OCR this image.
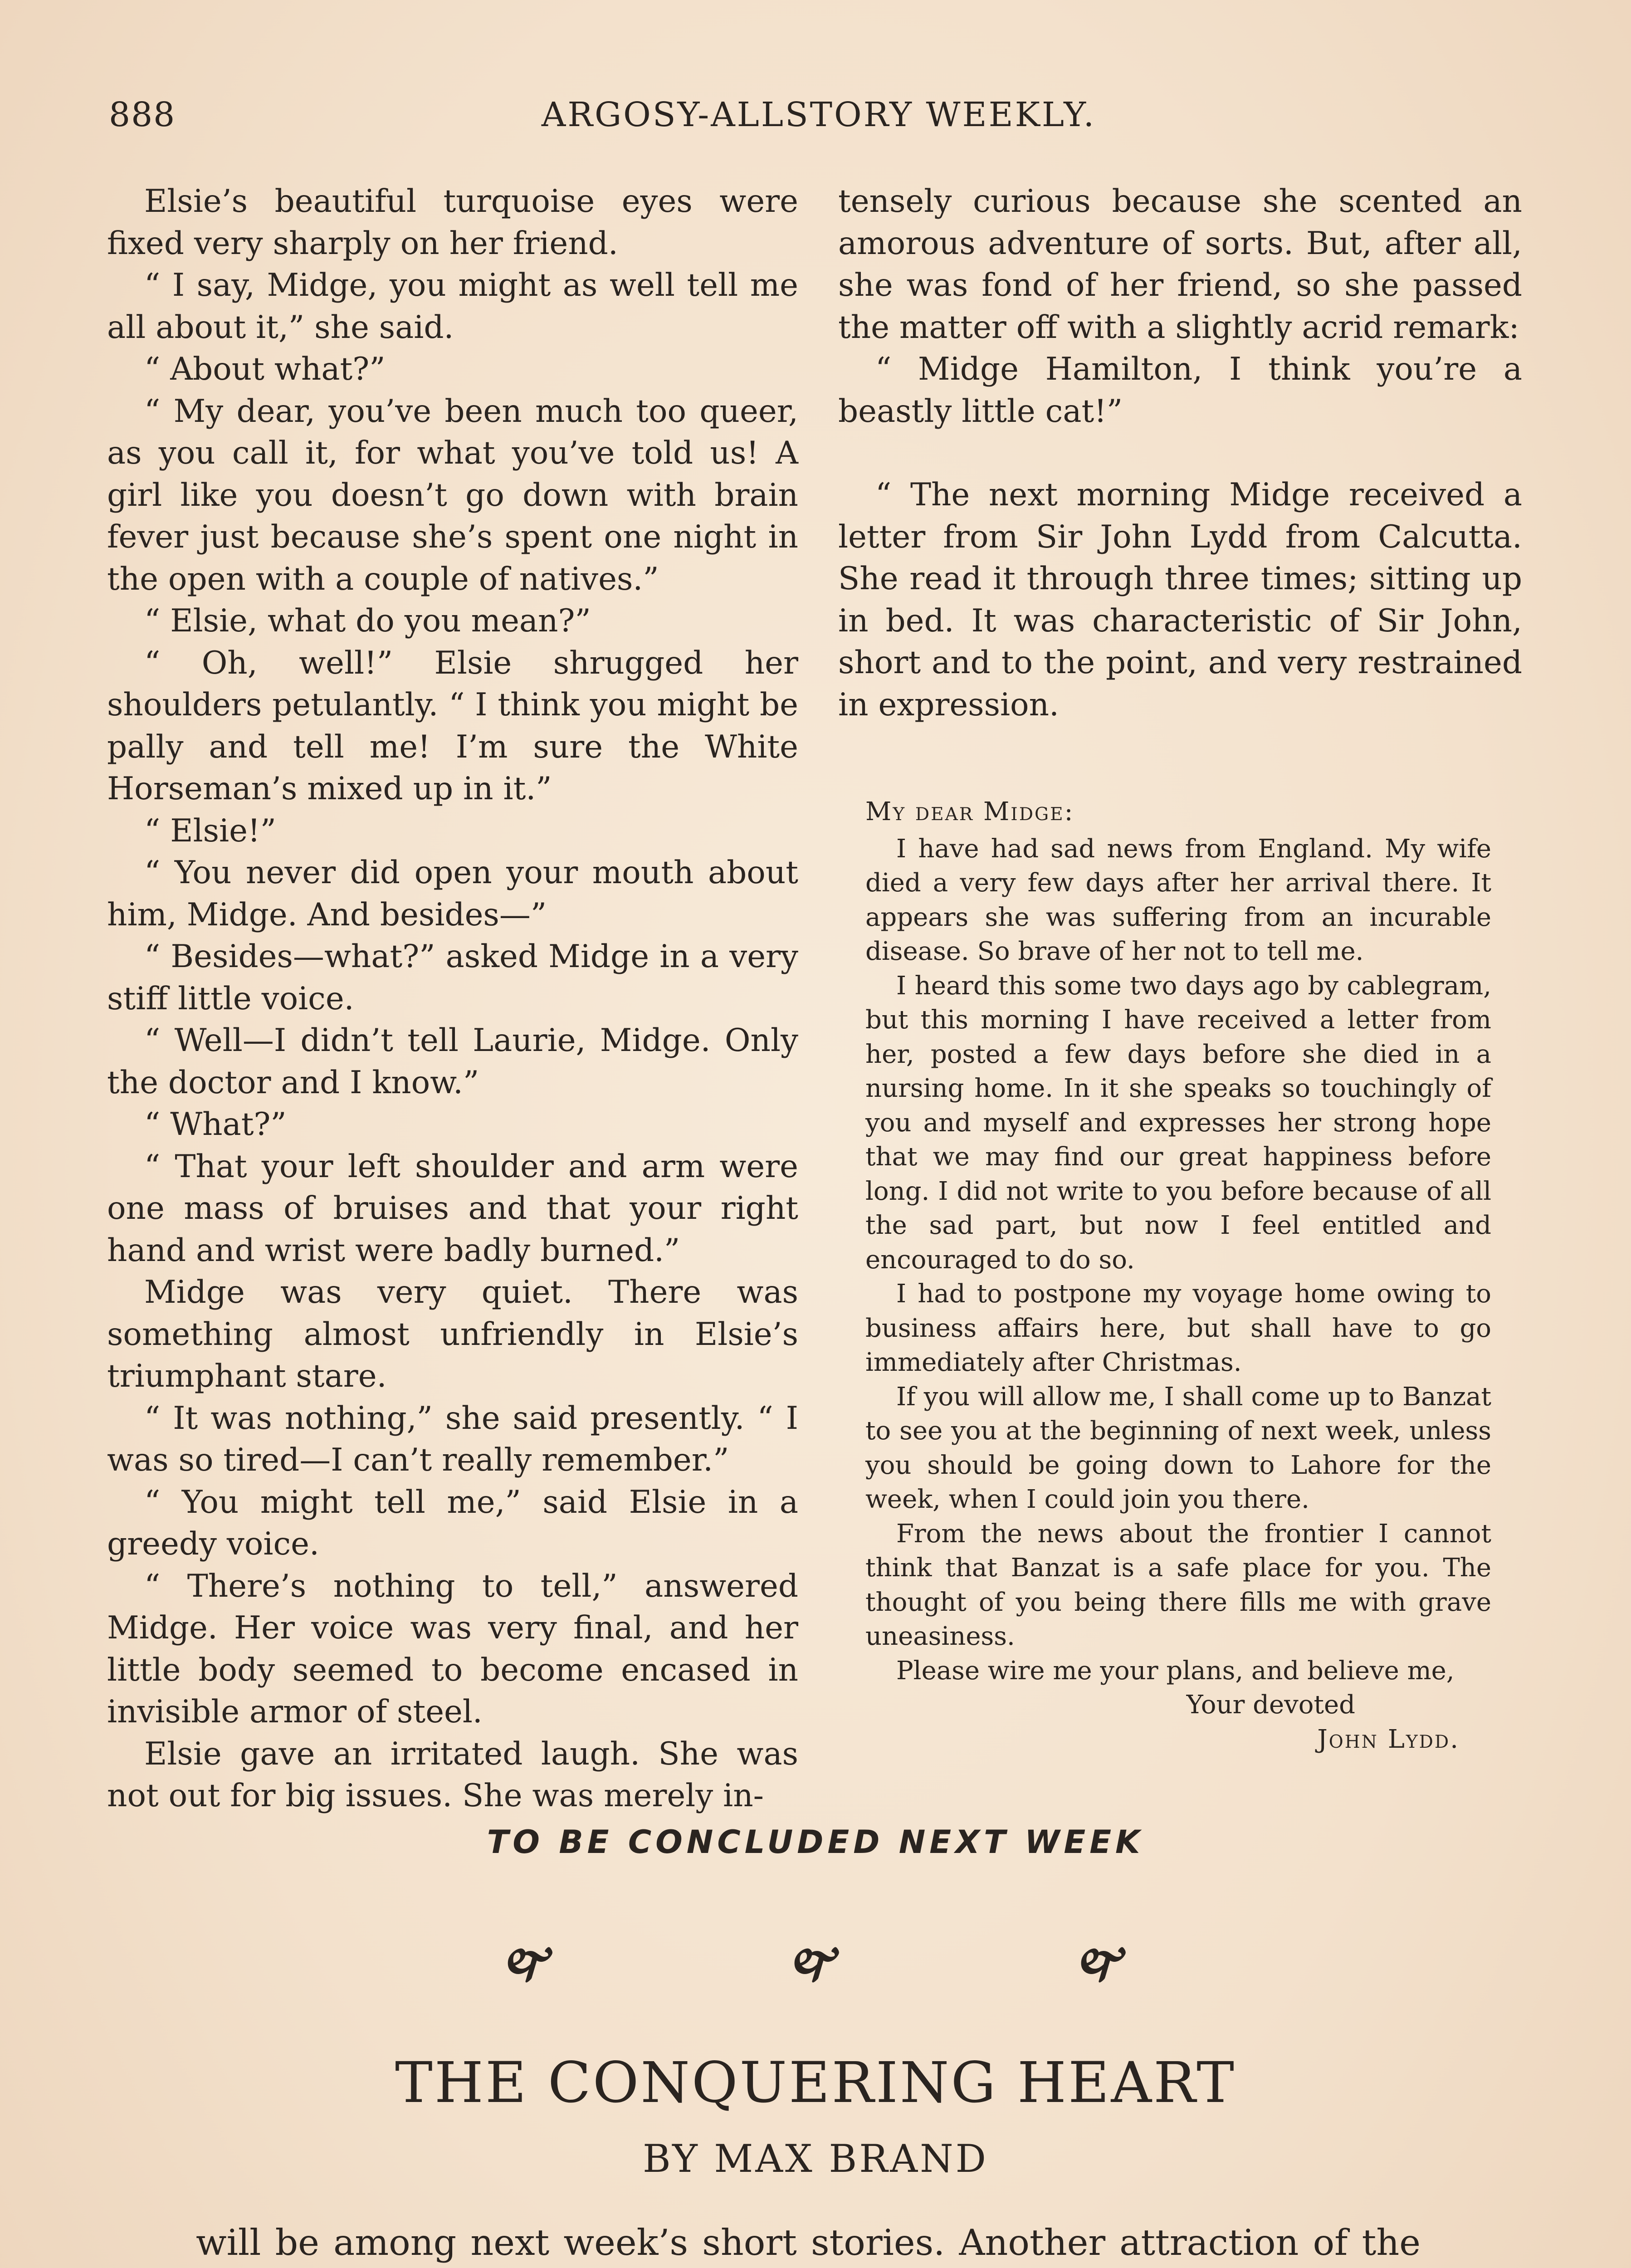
888	ARGOSY-ALLSTORY WEEKLY.

Elsie’s beautiful turquoise eyes were fixed very sharply on her friend.

“ I say, Midge, you might as well tell me all about it,” she said.

“ About what?”

“ My dear, you’ve been much too queer, as you call it, for what you’ve told us! A girl like you doesn’t go down with brain fever just because she’s spent one night in the open with a couple of natives.”

“ Elsie, what do you mean?”

“ Oh, well!” Elsie shrugged her shoulders petulantly. “ I think you might be pally and tell me! I’m sure the White Horseman’s mixed up in it.”

“ Elsie!”

“ You never did open your mouth about him, Midge. And besides—”

“ Besides—what?” asked Midge in a very stiff little voice.

“ Well—I didn’t tell Laurie, Midge. Only the doctor and I know.”

“ What?”

“ That your left shoulder and arm were one mass of bruises and that your right hand and wrist were badly burned.”

Midge was very quiet. There was something almost unfriendly in Elsie’s triumphant stare.

“ It was nothing,” she said presently. “ I was so tired—I can’t really remember.”

“ You might tell me,” said Elsie in a greedy voice.

“ There’s nothing to tell,” answered Midge. Her voice was very final, and her little body seemed to become encased in invisible armor of steel.

Elsie gave an irritated laugh. She was not out for big issues. She was merely in-

tensely curious because she scented an amorous adventure of sorts. But, after all, she was fond of her friend, so she passed the matter off with a slightly acrid remark:

“ Midge Hamilton, I think you’re a beastly little cat!”

“ The next morning Midge received a letter from Sir John Lydd from Calcutta. She read it through three times; sitting up in bed. It was characteristic of Sir John, short and to the point, and very restrained in expression.

My dear Midge:

I have had sad news from England. My wife died a very few days after her arrival there. It appears she was suffering from an incurable disease. So brave of her not to tell me.

I heard this some two days ago by cablegram, but this morning I have received a letter from her, posted a few days before she died in a nursing home. In it she speaks so touchingly of you and myself and expresses her strong hope that we may find our great happiness before long. I did not write to you before because of all the sad part, but now I feel entitled and encouraged to do so.

I had to postpone my voyage home owing to business affairs here, but shall have to go immediately after Christmas.

If you will allow me, I shall come up to Banzat to see you at the beginning of next week, unless you should be going down to Lahore for the week, when I could join you there.

From the news about the frontier I cannot think that Banzat is a safe place for you. The thought of you being there fills me with grave uneasiness.

Please wire me your plans, and believe me,

Your devoted

John Lydd.

TO BE CONCLUDED NEXT WEEK
🙰	🙰	🙰
THE CONQUERING HEART
BY MAX BRAND
will be among next week’s short stories. Another attraction of the
